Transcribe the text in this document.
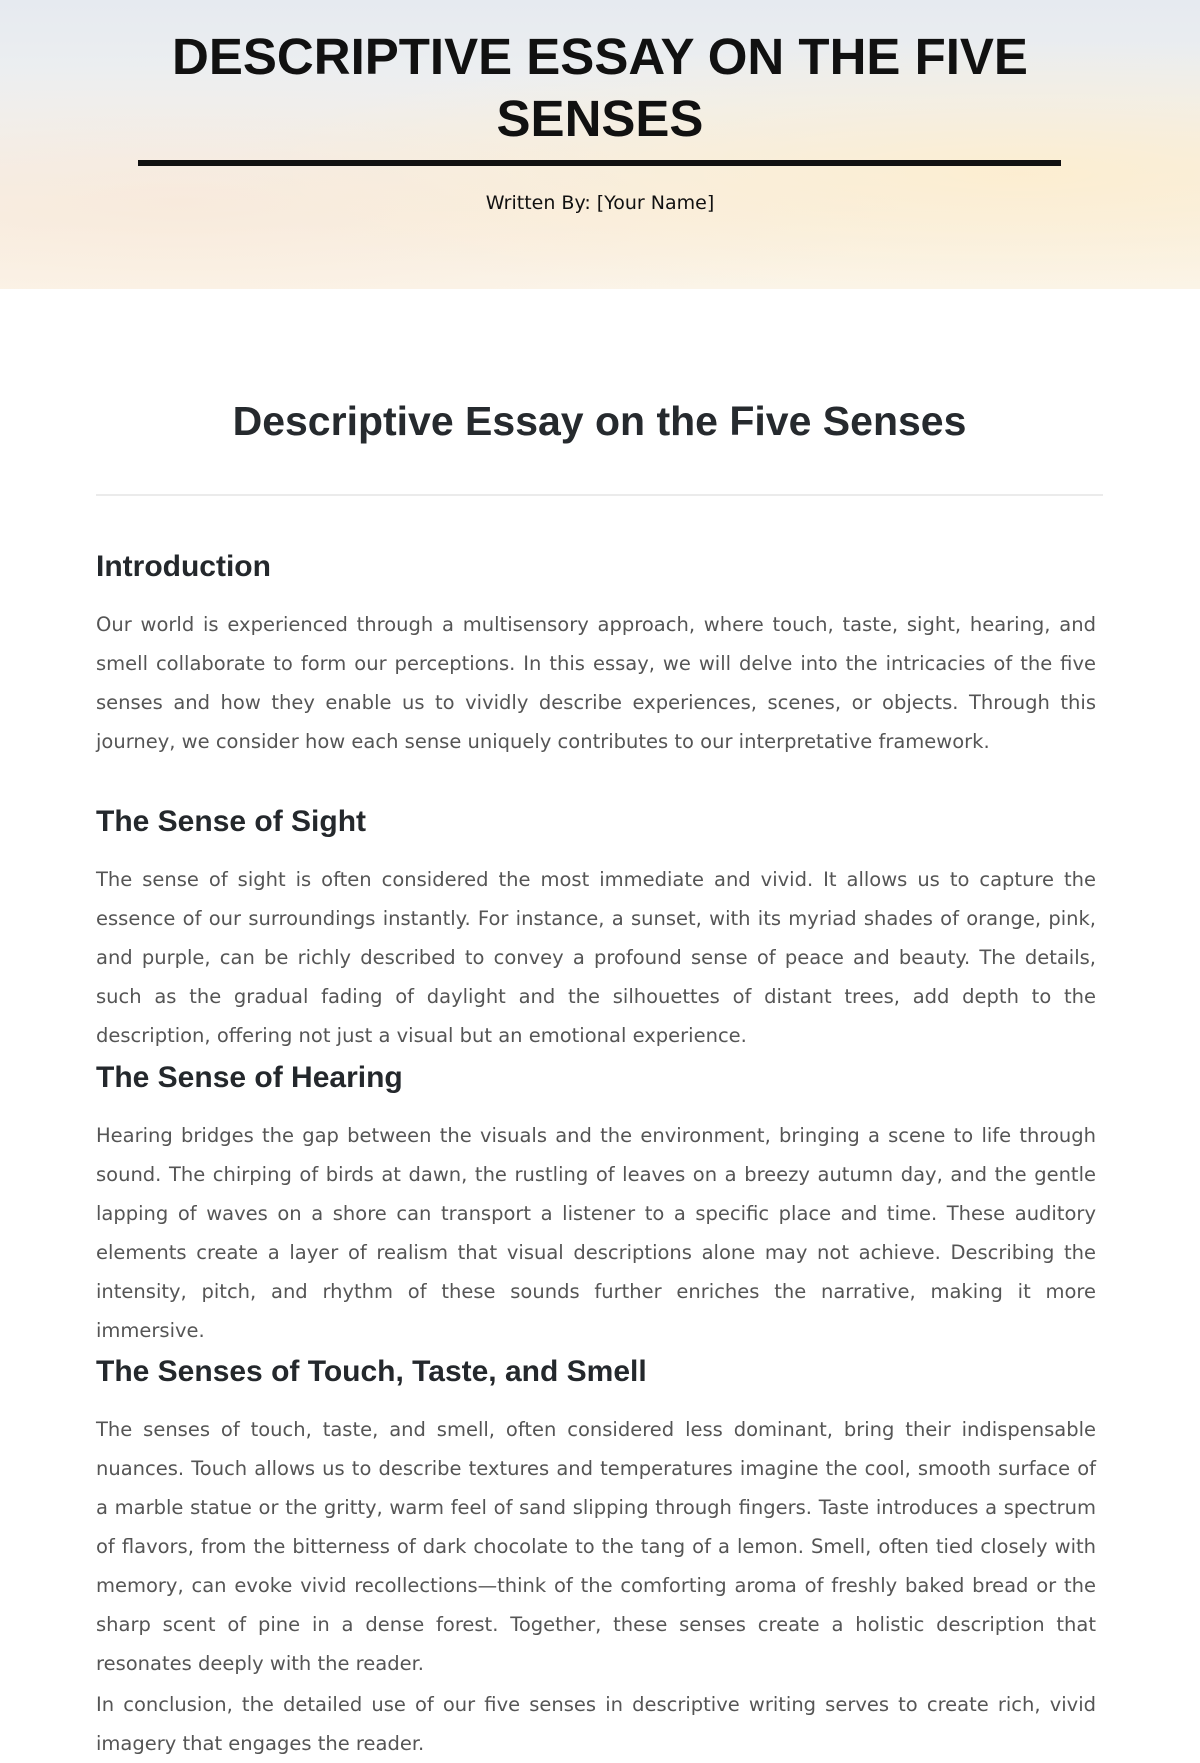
DESCRIPTIVE ESSAY ON THE FIVE SENSES
Written By: [Your Name]
Descriptive Essay on the Five Senses
Introduction

Our world is experienced through a multisensory approach, where touch, taste, sight, hearing, and smell collaborate to form our perceptions. In this essay, we will delve into the intricacies of the five senses and how they enable us to vividly describe experiences, scenes, or objects. Through this journey, we consider how each sense uniquely contributes to our interpretative framework.

The Sense of Sight

The sense of sight is often considered the most immediate and vivid. It allows us to capture the essence of our surroundings instantly. For instance, a sunset, with its myriad shades of orange, pink, and purple, can be richly described to convey a profound sense of peace and beauty. The details, such as the gradual fading of daylight and the silhouettes of distant trees, add depth to the description, offering not just a visual but an emotional experience.

The Sense of Hearing

Hearing bridges the gap between the visuals and the environment, bringing a scene to life through sound. The chirping of birds at dawn, the rustling of leaves on a breezy autumn day, and the gentle lapping of waves on a shore can transport a listener to a specific place and time. These auditory elements create a layer of realism that visual descriptions alone may not achieve. Describing the intensity, pitch, and rhythm of these sounds further enriches the narrative, making it more immersive.

The Senses of Touch, Taste, and Smell

The senses of touch, taste, and smell, often considered less dominant, bring their indispensable nuances. Touch allows us to describe textures and temperatures imagine the cool, smooth surface of a marble statue or the gritty, warm feel of sand slipping through fingers. Taste introduces a spectrum of flavors, from the bitterness of dark chocolate to the tang of a lemon. Smell, often tied closely with memory, can evoke vivid recollections—think of the comforting aroma of freshly baked bread or the sharp scent of pine in a dense forest. Together, these senses create a holistic description that resonates deeply with the reader.

In conclusion, the detailed use of our five senses in descriptive writing serves to create rich, vivid imagery that engages the reader.
